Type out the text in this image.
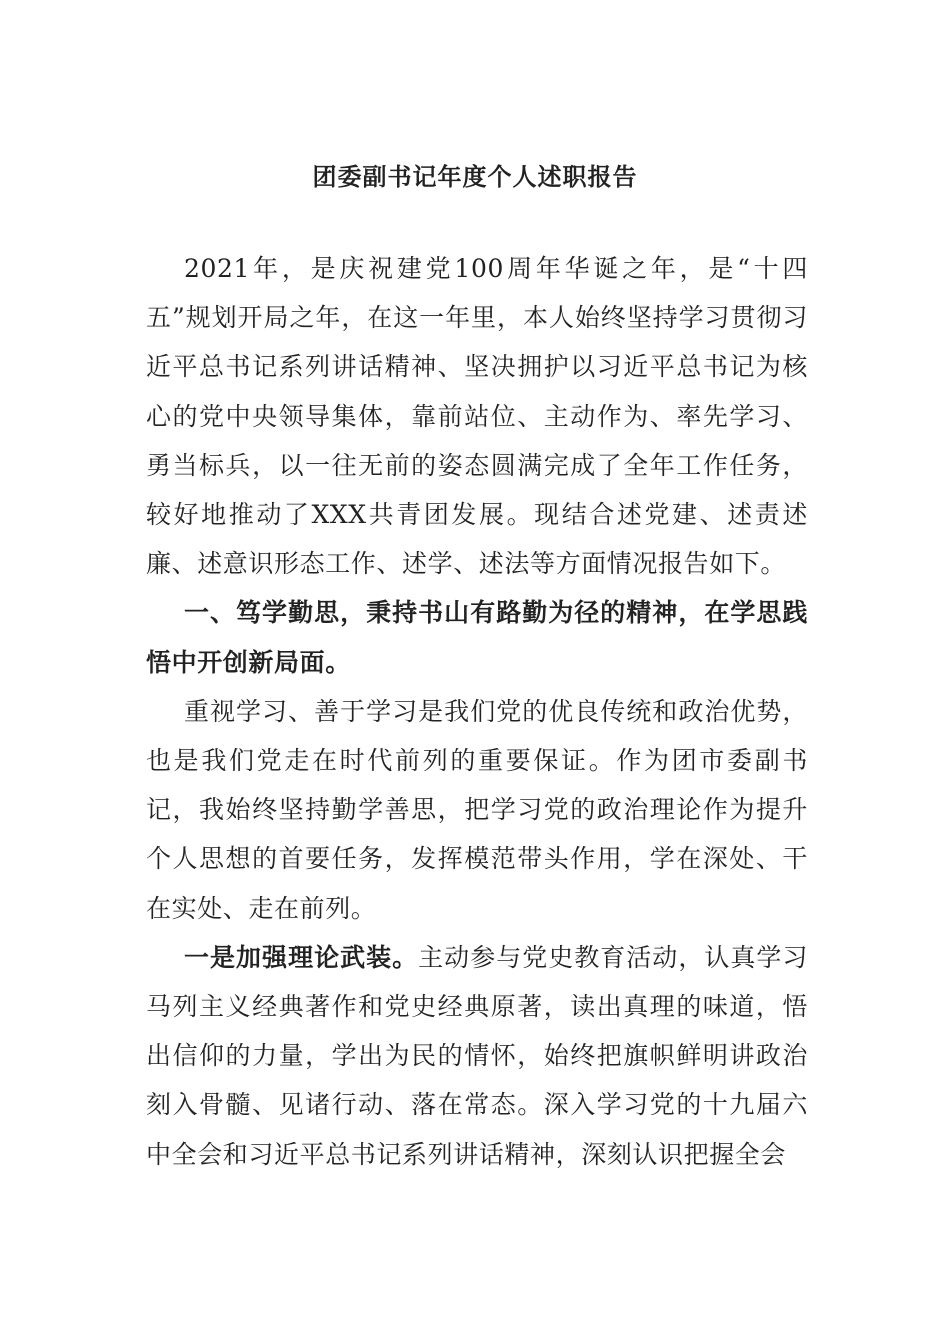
团委副书记年度个人述职报告

2021年，是庆祝建党100周年华诞之年，是“十四五”规划开局之年，在这一年里，本人始终坚持学习贯彻习近平总书记系列讲话精神、坚决拥护以习近平总书记为核心的党中央领导集体，靠前站位、主动作为、率先学习、勇当标兵，以一往无前的姿态圆满完成了全年工作任务，较好地推动了XXX共青团发展。现结合述党建、述责述廉、述意识形态工作、述学、述法等方面情况报告如下。

一、笃学勤思，秉持书山有路勤为径的精神，在学思践悟中开创新局面。

重视学习、善于学习是我们党的优良传统和政治优势，也是我们党走在时代前列的重要保证。作为团市委副书记，我始终坚持勤学善思，把学习党的政治理论作为提升个人思想的首要任务，发挥模范带头作用，学在深处、干在实处、走在前列。

一是加强理论武装。主动参与党史教育活动，认真学习马列主义经典著作和党史经典原著，读出真理的味道，悟出信仰的力量，学出为民的情怀，始终把旗帜鲜明讲政治刻入骨髓、见诸行动、落在常态。深入学习党的十九届六中全会和习近平总书记系列讲话精神，深刻认识把握全会
